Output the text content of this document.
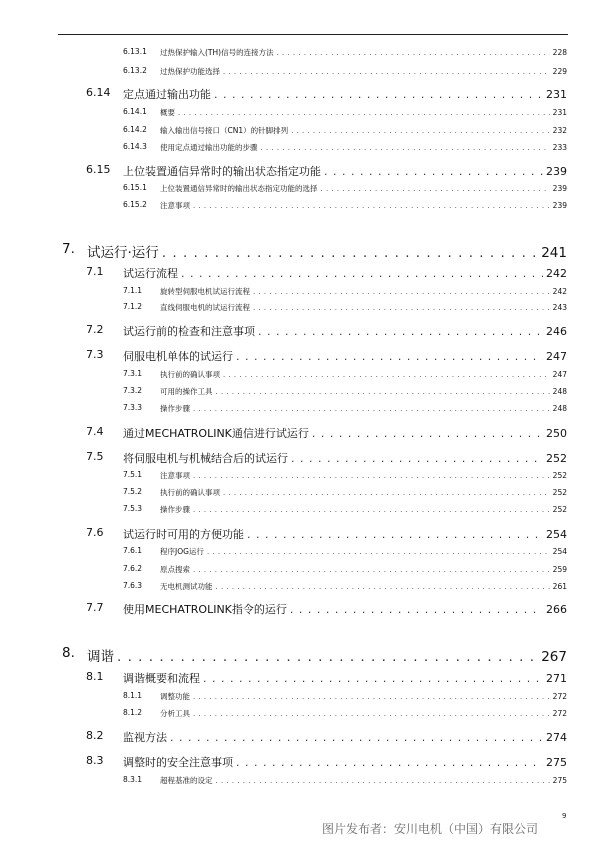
6.13.1 过热保护输入(TH)信号的连接方法 . . .	228
6.13.2 过热保护功能选择 . . .	229
6.14 定点通过输出功能 . . .	231
6.14.1 概要 . . .	231
6.14.2 输入输出信号接口（CN1）的针脚排列 . . .	232
6.14.3 使用定点通过输出功能的步骤 . . .	233
6.15 上位装置通信异常时的输出状态指定功能 . . .	239
6.15.1 上位装置通信异常时的输出状态指定功能的选择 . . .	239
6.15.2 注意事项 . . .	239
7. 试运行·运行 . . .	241
7.1 试运行流程 . . .	242
7.1.1 旋转型伺服电机试运行流程 . . .	242
7.1.2 直线伺服电机的试运行流程 . . .	243
7.2 试运行前的检查和注意事项 . . .	246
7.3 伺服电机单体的试运行 . . .	247
7.3.1 执行前的确认事项 . . .	247
7.3.2 可用的操作工具 . . .	248
7.3.3 操作步骤 . . .	248
7.4 通过MECHATROLINK通信进行试运行 . . .	250
7.5 将伺服电机与机械结合后的试运行 . . .	252
7.5.1 注意事项 . . .	252
7.5.2 执行前的确认事项 . . .	252
7.5.3 操作步骤 . . .	252
7.6 试运行时可用的方便功能 . . .	254
7.6.1 程序JOG运行 . . .	254
7.6.2 原点搜索 . . .	259
7.6.3 无电机测试功能 . . .	261
7.7 使用MECHATROLINK指令的运行 . . .	266
8. 调谐 . . .	267
8.1 调谐概要和流程 . . .	271
8.1.1 调整功能 . . .	272
8.1.2 分析工具 . . .	272
8.2 监视方法 . . .	274
8.3 调整时的安全注意事项 . . .	275
8.3.1 超程基准的设定 . . .	275
9
图片发布者：安川电机（中国）有限公司
